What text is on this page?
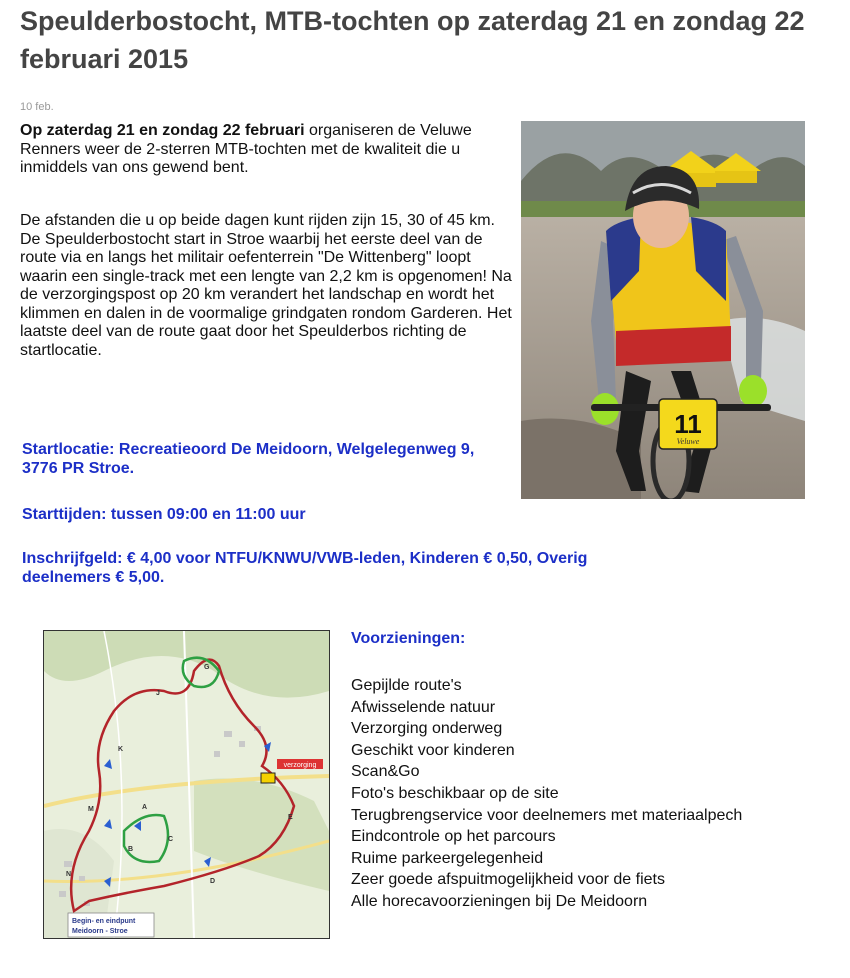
Speulderbostocht, MTB-tochten op zaterdag 21 en zondag 22 februari 2015
10 feb.

Op zaterdag 21 en zondag 22 februari organiseren de Veluwe Renners weer de 2-sterren MTB-tochten met de kwaliteit die u inmiddels van ons gewend bent.

De afstanden die u op beide dagen kunt rijden zijn 15, 30 of 45 km. De Speulderbostocht start in Stroe waarbij het eerste deel van de route via en langs het militair oefenterrein "De Wittenberg" loopt waarin een single-track met een lengte van 2,2 km is opgenomen! Na de verzorgingspost op 20 km verandert het landschap en wordt het klimmen en dalen in de voormalige grindgaten rondom Garderen. Het laatste deel van de route gaat door het Speulderbos richting de startlocatie.

Startlocatie: Recreatieoord De Meidoorn, Welgelegenweg 9, 3776 PR Stroe.

Starttijden: tussen 09:00 en 11:00 uur

Inschrijfgeld: € 4,00 voor NTFU/KNWU/VWB-leden, Kinderen € 0,50, Overig deelnemers € 5,00.

11
Veluwe
verzorging
G
J
K
M	A
B
C
D
E
N
Begin- en eindpunt
Meidoorn - Stroe

Voorzieningen:

Gepijlde route's
Afwisselende natuur
Verzorging onderweg
Geschikt voor kinderen
Scan&Go
Foto's beschikbaar op de site
Terugbrengservice voor deelnemers met materiaalpech
Eindcontrole op het parcours
Ruime parkeergelegenheid
Zeer goede afspuitmogelijkheid voor de fiets
Alle horecavoorzieningen bij De Meidoorn
